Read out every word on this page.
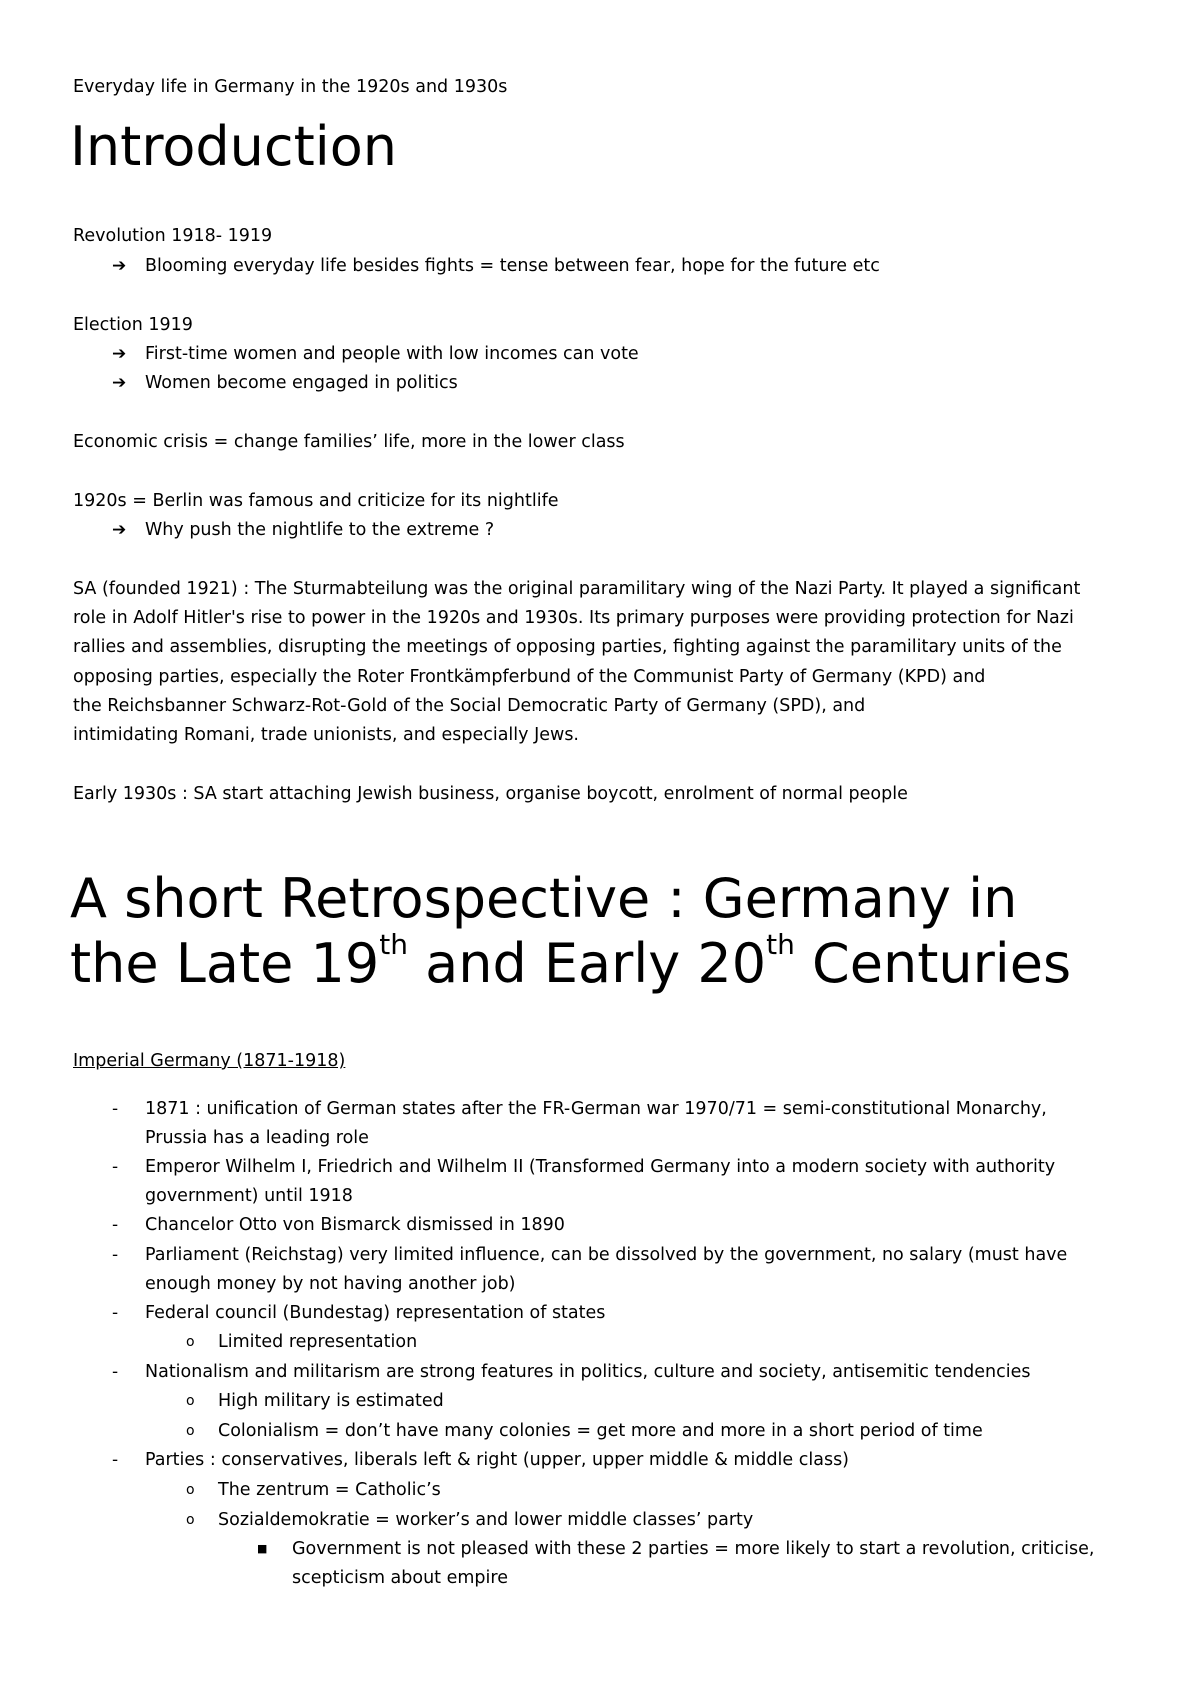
Everyday life in Germany in the 1920s and 1930s
Introduction
Revolution 1918- 1919
➔ Blooming everyday life besides fights = tense between fear, hope for the future etc
Election 1919
➔ First-time women and people with low incomes can vote
➔ Women become engaged in politics
Economic crisis = change families’ life, more in the lower class
1920s = Berlin was famous and criticize for its nightlife
➔ Why push the nightlife to the extreme ?
SA (founded 1921) : The Sturmabteilung was the original paramilitary wing of the Nazi Party. It played a significant
role in Adolf Hitler's rise to power in the 1920s and 1930s. Its primary purposes were providing protection for Nazi
rallies and assemblies, disrupting the meetings of opposing parties, fighting against the paramilitary units of the
opposing parties, especially the Roter Frontkämpferbund of the Communist Party of Germany (KPD) and
the Reichsbanner Schwarz-Rot-Gold of the Social Democratic Party of Germany (SPD), and
intimidating Romani, trade unionists, and especially Jews.
Early 1930s : SA start attaching Jewish business, organise boycott, enrolment of normal people
A short Retrospective : Germany in
the Late 19th and Early 20th Centuries
Imperial Germany (1871-1918)
- 1871 : unification of German states after the FR-German war 1970/71 = semi-constitutional Monarchy,
Prussia has a leading role
- Emperor Wilhelm I, Friedrich and Wilhelm II (Transformed Germany into a modern society with authority
government) until 1918
- Chancelor Otto von Bismarck dismissed in 1890
- Parliament (Reichstag) very limited influence, can be dissolved by the government, no salary (must have
enough money by not having another job)
- Federal council (Bundestag) representation of states
o Limited representation
- Nationalism and militarism are strong features in politics, culture and society, antisemitic tendencies
o High military is estimated
o Colonialism = don’t have many colonies = get more and more in a short period of time
- Parties : conservatives, liberals left & right (upper, upper middle & middle class)
o The zentrum = Catholic’s
o Sozialdemokratie = worker’s and lower middle classes’ party
■ Government is not pleased with these 2 parties = more likely to start a revolution, criticise,
scepticism about empire
